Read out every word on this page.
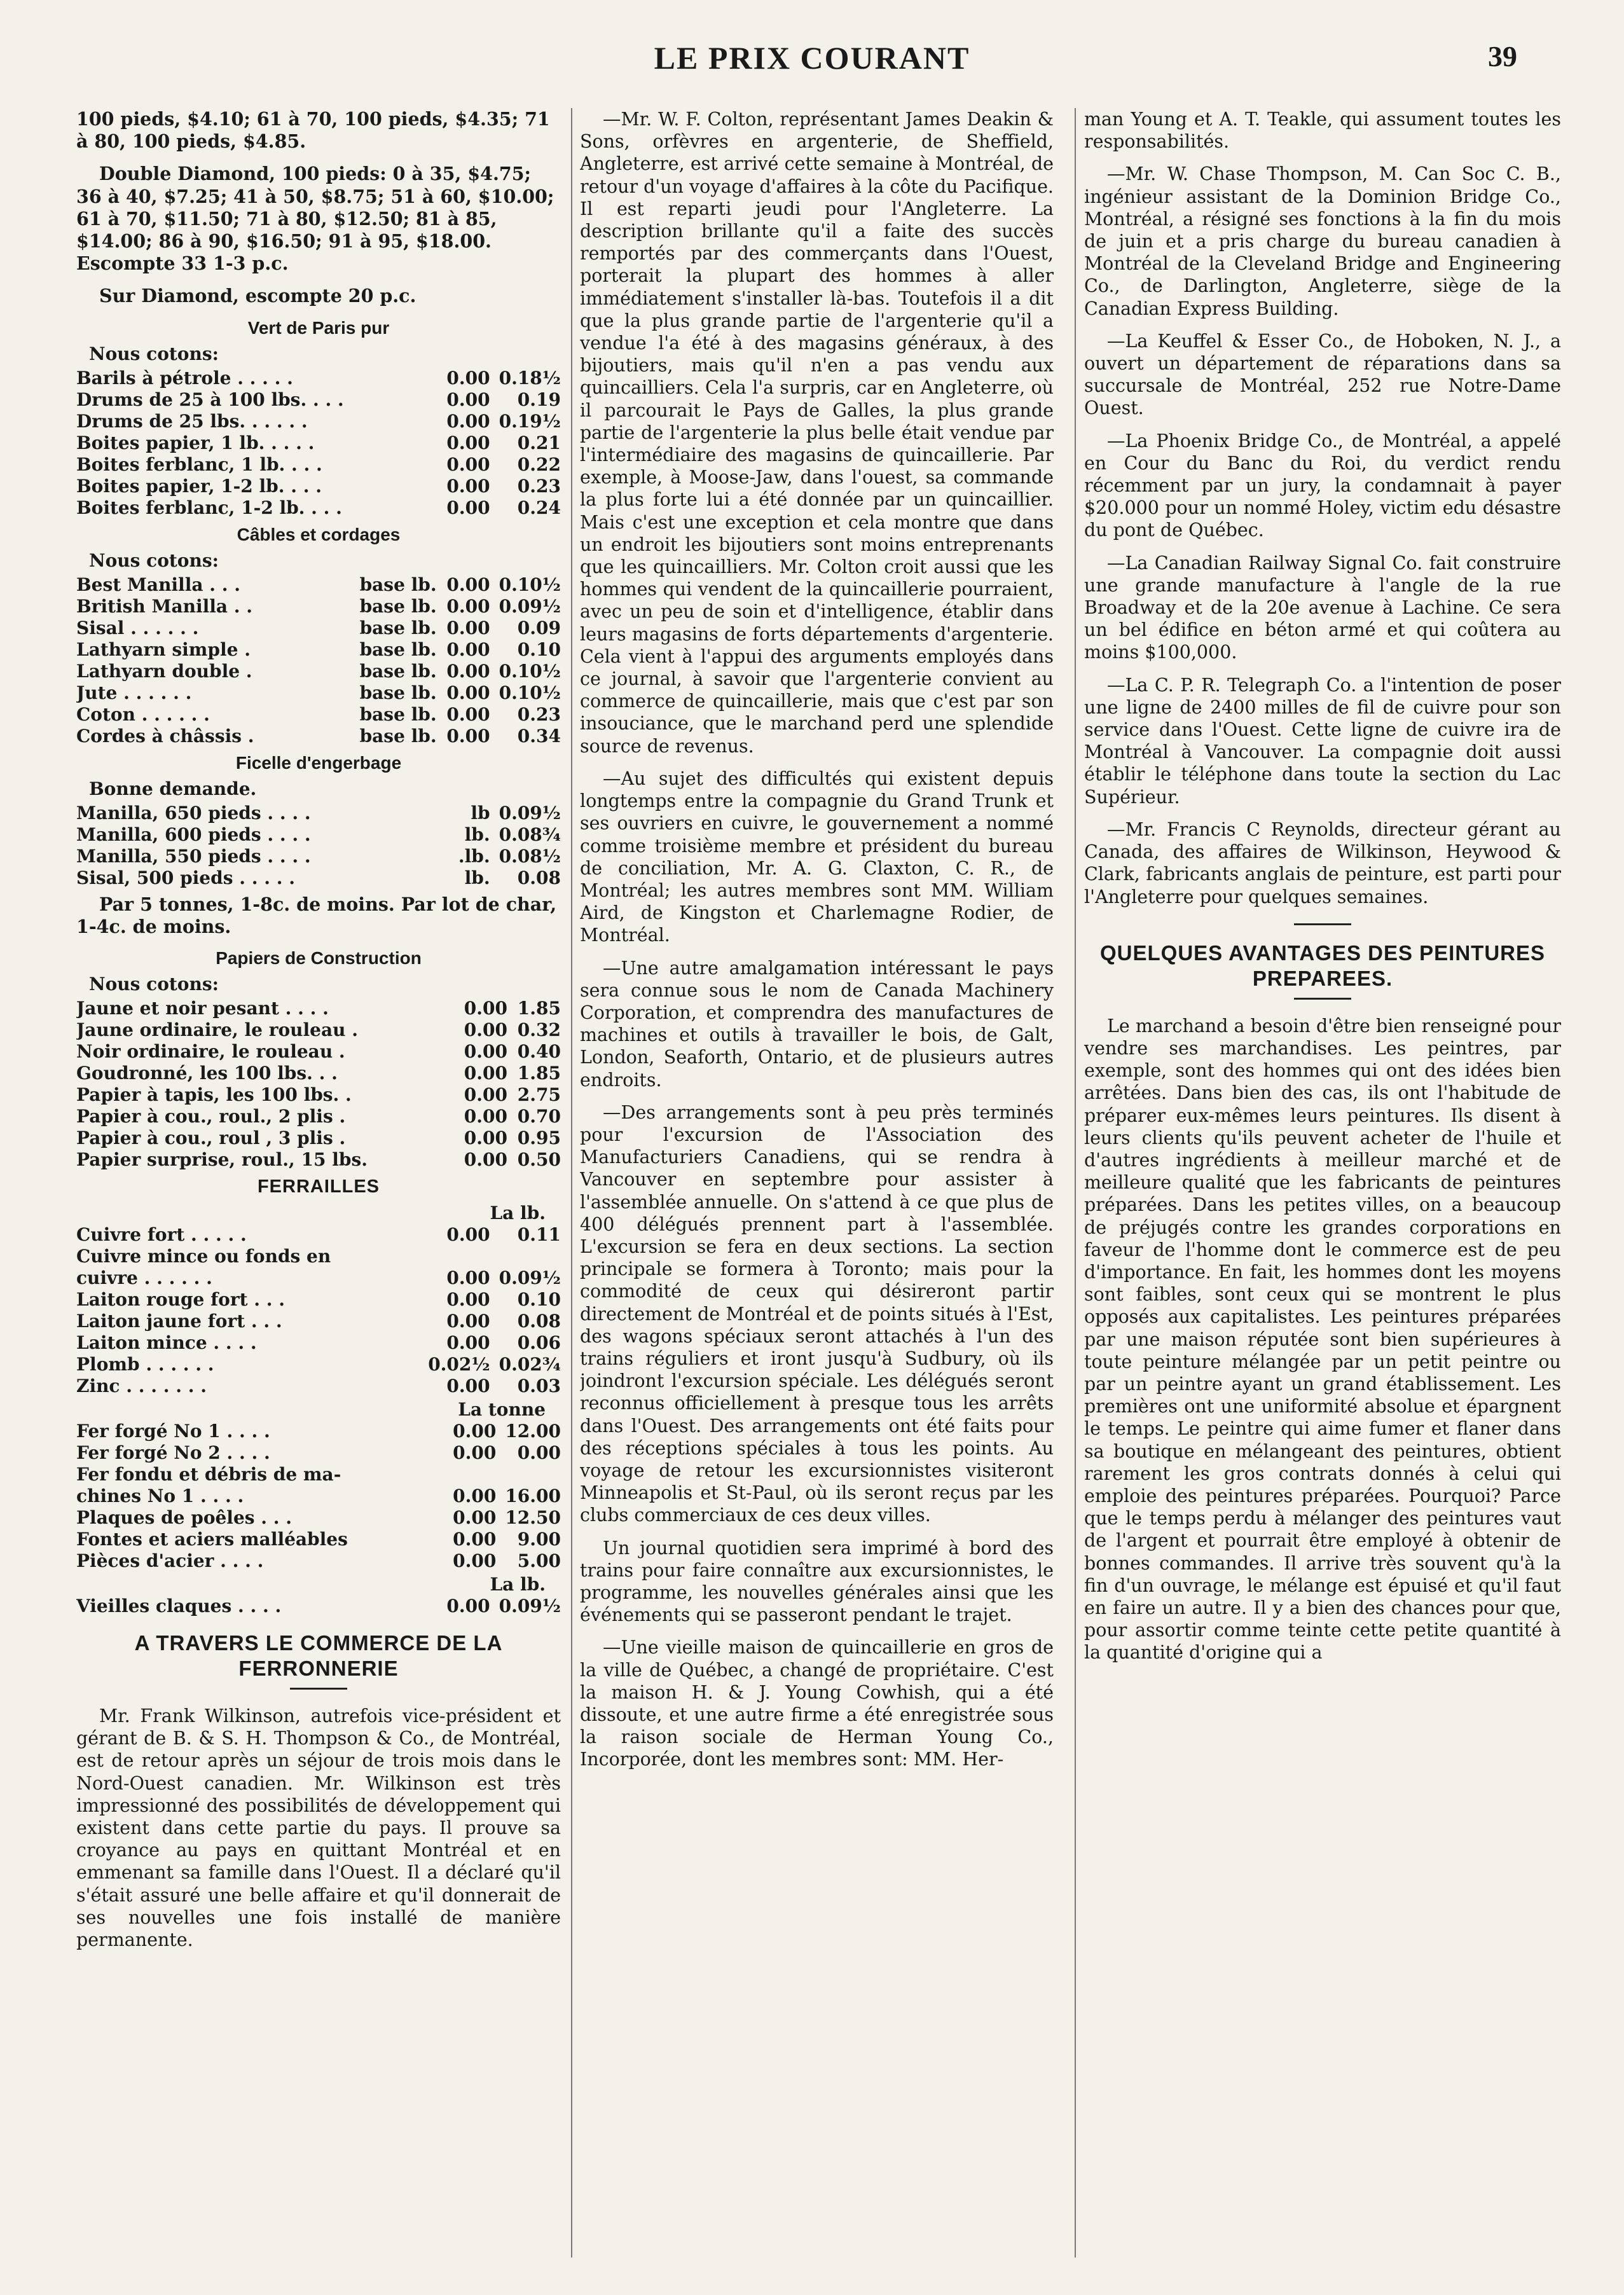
LE PRIX COURANT	39

100 pieds, $4.10; 61 à 70, 100 pieds, $4.35; 71 à 80, 100 pieds, $4.85.

Double Diamond, 100 pieds: 0 à 35, $4.75; 36 à 40, $7.25; 41 à 50, $8.75; 51 à 60, $10.00; 61 à 70, $11.50; 71 à 80, $12.50; 81 à 85, $14.00; 86 à 90, $16.50; 91 à 95, $18.00. Escompte 33 1-3 p.c.

Sur Diamond, escompte 20 p.c.

Vert de Paris pur
Nous cotons:
Barils à pétrole . . . . .	0.00	0.18½
Drums de 25 à 100 lbs. . . .	0.00	0.19
Drums de 25 lbs. . . . . .	0.00	0.19½
Boites papier, 1 lb. . . . .	0.00	0.21
Boites ferblanc, 1 lb. . . .	0.00	0.22
Boites papier, 1-2 lb. . . .	0.00	0.23
Boites ferblanc, 1-2 lb. . . .	0.00	0.24
Câbles et cordages
Nous cotons:
Best Manilla . . .	base lb.	0.00	0.10½
British Manilla . .	base lb.	0.00	0.09½
Sisal . . . . . .	base lb.	0.00	0.09
Lathyarn simple .	base lb.	0.00	0.10
Lathyarn double .	base lb.	0.00	0.10½
Jute . . . . . .	base lb.	0.00	0.10½
Coton . . . . . .	base lb.	0.00	0.23
Cordes à châssis .	base lb.	0.00	0.34
Ficelle d'engerbage
Bonne demande.
Manilla, 650 pieds . . . .	lb	0.09½
Manilla, 600 pieds . . . .	lb.	0.08¾
Manilla, 550 pieds . . . .	.lb.	0.08½
Sisal, 500 pieds . . . . .	lb.	0.08

Par 5 tonnes, 1-8c. de moins. Par lot de char, 1-4c. de moins.

Papiers de Construction
Nous cotons:
Jaune et noir pesant . . . .	0.00	1.85
Jaune ordinaire, le rouleau .	0.00	0.32
Noir ordinaire, le rouleau .	0.00	0.40
Goudronné, les 100 lbs. . .	0.00	1.85
Papier à tapis, les 100 lbs. .	0.00	2.75
Papier à cou., roul., 2 plis .	0.00	0.70
Papier à cou., roul , 3 plis .	0.00	0.95
Papier surprise, roul., 15 lbs.	0.00	0.50
FERRAILLES
La lb.
Cuivre fort . . . . .	0.00	0.11
Cuivre mince ou fonds en		
cuivre . . . . . .	0.00	0.09½
Laiton rouge fort . . .	0.00	0.10
Laiton jaune fort . . .	0.00	0.08
Laiton mince . . . .	0.00	0.06
Plomb . . . . . .	0.02½	0.02¾
Zinc . . . . . . .	0.00	0.03
La tonne
Fer forgé No 1 . . . .	0.00	12.00
Fer forgé No 2 . . . .	0.00	0.00
Fer fondu et débris de ma-		
chines No 1 . . . .	0.00	16.00
Plaques de poêles . . .	0.00	12.50
Fontes et aciers malléables	0.00	9.00
Pièces d'acier . . . .	0.00	5.00
La lb.
Vieilles claques . . . .	0.00	0.09½
A TRAVERS LE COMMERCE DE LA FERRONNERIE

Mr. Frank Wilkinson, autrefois vice-président et gérant de B. & S. H. Thompson & Co., de Montréal, est de retour après un séjour de trois mois dans le Nord-Ouest canadien. Mr. Wilkinson est très impressionné des possibilités de développement qui existent dans cette partie du pays. Il prouve sa croyance au pays en quittant Montréal et en emmenant sa famille dans l'Ouest. Il a déclaré qu'il s'était assuré une belle affaire et qu'il donnerait de ses nouvelles une fois installé de manière permanente.

—Mr. W. F. Colton, représentant James Deakin & Sons, orfèvres en argenterie, de Sheffield, Angleterre, est arrivé cette semaine à Montréal, de retour d'un voyage d'affaires à la côte du Pacifique. Il est reparti jeudi pour l'Angleterre. La description brillante qu'il a faite des succès remportés par des commerçants dans l'Ouest, porterait la plupart des hommes à aller immédiatement s'installer là-bas. Toutefois il a dit que la plus grande partie de l'argenterie qu'il a vendue l'a été à des magasins généraux, à des bijoutiers, mais qu'il n'en a pas vendu aux quincailliers. Cela l'a surpris, car en Angleterre, où il parcourait le Pays de Galles, la plus grande partie de l'argenterie la plus belle était vendue par l'intermédiaire des magasins de quincaillerie. Par exemple, à Moose-Jaw, dans l'ouest, sa commande la plus forte lui a été donnée par un quincaillier. Mais c'est une exception et cela montre que dans un endroit les bijoutiers sont moins entreprenants que les quincailliers. Mr. Colton croit aussi que les hommes qui vendent de la quincaillerie pourraient, avec un peu de soin et d'intelligence, établir dans leurs magasins de forts départements d'argenterie. Cela vient à l'appui des arguments employés dans ce journal, à savoir que l'argenterie convient au commerce de quincaillerie, mais que c'est par son insouciance, que le marchand perd une splendide source de revenus.

—Au sujet des difficultés qui existent depuis longtemps entre la compagnie du Grand Trunk et ses ouvriers en cuivre, le gouvernement a nommé comme troisième membre et président du bureau de conciliation, Mr. A. G. Claxton, C. R., de Montréal; les autres membres sont MM. William Aird, de Kingston et Charlemagne Rodier, de Montréal.

—Une autre amalgamation intéressant le pays sera connue sous le nom de Canada Machinery Corporation, et comprendra des manufactures de machines et outils à travailler le bois, de Galt, London, Seaforth, Ontario, et de plusieurs autres endroits.

—Des arrangements sont à peu près terminés pour l'excursion de l'Association des Manufacturiers Canadiens, qui se rendra à Vancouver en septembre pour assister à l'assemblée annuelle. On s'attend à ce que plus de 400 délégués prennent part à l'assemblée. L'excursion se fera en deux sections. La section principale se formera à Toronto; mais pour la commodité de ceux qui désireront partir directement de Montréal et de points situés à l'Est, des wagons spéciaux seront attachés à l'un des trains réguliers et iront jusqu'à Sudbury, où ils joindront l'excursion spéciale. Les délégués seront reconnus officiellement à presque tous les arrêts dans l'Ouest. Des arrangements ont été faits pour des réceptions spéciales à tous les points. Au voyage de retour les excursionnistes visiteront Minneapolis et St-Paul, où ils seront reçus par les clubs commerciaux de ces deux villes.

Un journal quotidien sera imprimé à bord des trains pour faire connaître aux excursionnistes, le programme, les nouvelles générales ainsi que les événements qui se passeront pendant le trajet.

—Une vieille maison de quincaillerie en gros de la ville de Québec, a changé de propriétaire. C'est la maison H. & J. Young Cowhish, qui a été dissoute, et une autre firme a été enregistrée sous la raison sociale de Herman Young Co., Incorporée, dont les membres sont: MM. Her-

man Young et A. T. Teakle, qui assument toutes les responsabilités.

—Mr. W. Chase Thompson, M. Can Soc C. B., ingénieur assistant de la Dominion Bridge Co., Montréal, a résigné ses fonctions à la fin du mois de juin et a pris charge du bureau canadien à Montréal de la Cleveland Bridge and Engineering Co., de Darlington, Angleterre, siège de la Canadian Express Building.

—La Keuffel & Esser Co., de Hoboken, N. J., a ouvert un département de réparations dans sa succursale de Montréal, 252 rue Notre-Dame Ouest.

—La Phoenix Bridge Co., de Montréal, a appelé en Cour du Banc du Roi, du verdict rendu récemment par un jury, la condamnait à payer $20.000 pour un nommé Holey, victim edu désastre du pont de Québec.

—La Canadian Railway Signal Co. fait construire une grande manufacture à l'angle de la rue Broadway et de la 20e avenue à Lachine. Ce sera un bel édifice en béton armé et qui coûtera au moins $100,000.

—La C. P. R. Telegraph Co. a l'intention de poser une ligne de 2400 milles de fil de cuivre pour son service dans l'Ouest. Cette ligne de cuivre ira de Montréal à Vancouver. La compagnie doit aussi établir le téléphone dans toute la section du Lac Supérieur.

—Mr. Francis C Reynolds, directeur gérant au Canada, des affaires de Wilkinson, Heywood & Clark, fabricants anglais de peinture, est parti pour l'Angleterre pour quelques semaines.

QUELQUES AVANTAGES DES PEINTURES PREPAREES.

Le marchand a besoin d'être bien renseigné pour vendre ses marchandises. Les peintres, par exemple, sont des hommes qui ont des idées bien arrêtées. Dans bien des cas, ils ont l'habitude de préparer eux-mêmes leurs peintures. Ils disent à leurs clients qu'ils peuvent acheter de l'huile et d'autres ingrédients à meilleur marché et de meilleure qualité que les fabricants de peintures préparées. Dans les petites villes, on a beaucoup de préjugés contre les grandes corporations en faveur de l'homme dont le commerce est de peu d'importance. En fait, les hommes dont les moyens sont faibles, sont ceux qui se montrent le plus opposés aux capitalistes. Les peintures préparées par une maison réputée sont bien supérieures à toute peinture mélangée par un petit peintre ou par un peintre ayant un grand établissement. Les premières ont une uniformité absolue et épargnent le temps. Le peintre qui aime fumer et flaner dans sa boutique en mélangeant des peintures, obtient rarement les gros contrats donnés à celui qui emploie des peintures préparées. Pourquoi? Parce que le temps perdu à mélanger des peintures vaut de l'argent et pourrait être employé à obtenir de bonnes commandes. Il arrive très souvent qu'à la fin d'un ouvrage, le mélange est épuisé et qu'il faut en faire un autre. Il y a bien des chances pour que, pour assortir comme teinte cette petite quantité à la quantité d'origine qui a
